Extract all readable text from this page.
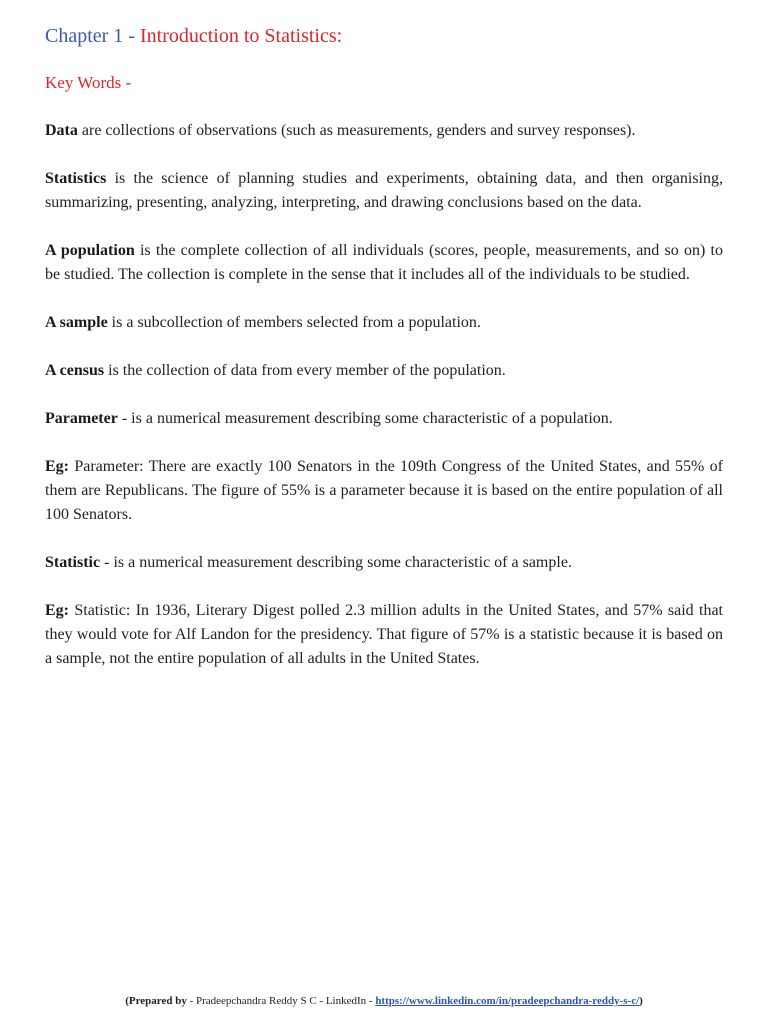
Chapter 1 - Introduction to Statistics:

Key Words -

Data are collections of observations (such as measurements, genders and survey responses).

Statistics is the science of planning studies and experiments, obtaining data, and then organising, summarizing, presenting, analyzing, interpreting, and drawing conclusions based on the data.

A population is the complete collection of all individuals (scores, people, measurements, and so on) to be studied. The collection is complete in the sense that it includes all of the individuals to be studied.

A sample is a subcollection of members selected from a population.

A census is the collection of data from every member of the population.

Parameter - is a numerical measurement describing some characteristic of a population.

Eg: Parameter: There are exactly 100 Senators in the 109th Congress of the United States, and 55% of them are Republicans. The figure of 55% is a parameter because it is based on the entire population of all 100 Senators.

Statistic - is a numerical measurement describing some characteristic of a sample.

Eg: Statistic: In 1936, Literary Digest polled 2.3 million adults in the United States, and 57% said that they would vote for Alf Landon for the presidency. That figure of 57% is a statistic because it is based on a sample, not the entire population of all adults in the United States.

(Prepared by - Pradeepchandra Reddy S C - LinkedIn - https://www.linkedin.com/in/pradeepchandra-reddy-s-c/)
